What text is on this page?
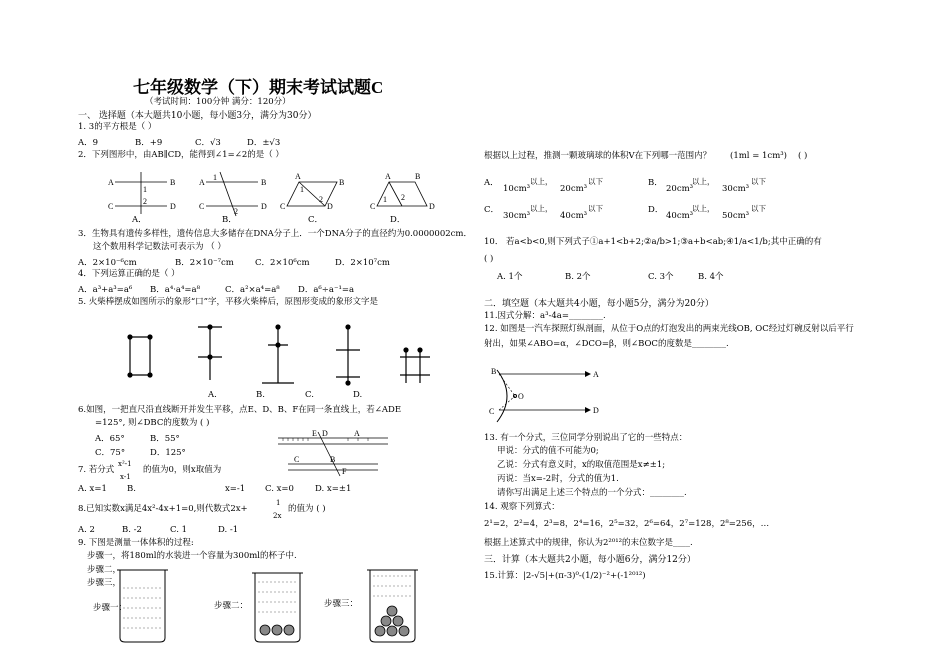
七年级数学（下）期末考试试题C
（考试时间：100分钟 满分：120分）
一、 选择题（本大题共10小题，每小题3分，满分为30分）
1. 3的平方根是（ ）
A．9	B．+9	C．√3	D．±√3
2．下列图形中，由AB∥CD，能得到∠1=∠2的是（ ）
A	B
C	D
1
2
A	B
C	D
1
2
A
B
C	D
1
2
A	B
C	D
1 2
A．	B．	C．	D．
3．生物具有遗传多样性，遗传信息大多储存在DNA分子上．一个DNA分子的直径约为0.0000002cm．
这个数用科学记数法可表示为 （ ）
A．2×10⁻⁶cm	B．2×10⁻⁷cm C．2×10⁶cm	D．2×10⁷cm
4．下列运算正确的是（ ）
A．a³+a³=a⁶ B．a⁴·a⁴=a⁸	C．a²×a⁴=a⁸ D．a⁶÷a⁻¹=a
5. 火柴棒摆成如图所示的象形“口”字，平移火柴棒后，原图形变成的象形文字是
A.	B.	C.	D.
6.如图，一把直尺沿直线断开并发生平移，点E、D、B、F在同一条直线上，若∠ADE
=125°, 则∠DBC的度数为 ( )
A．65°	B．55°
C．75°	D．125°
E D	A
C	B
F
7. 若分式
x²-1
x-1
的值为0，则x取值为
A. x=1 B.	x=-1 C. x=0 D. x=±1
8.已知实数x满足4x²-4x+1=0,则代数式2x+
1
2x
的值为 ( )
A. 2	B. -2	C. 1	D. -1
9. 下图是测量一体体积的过程:
步骤一，将180ml的水装进一个容量为300ml的杯子中.
步骤二，
步骤三，
步骤一：	步骤二：	步骤三：
根据以上过程，推测一颗玻璃球的体积V在下列哪一范围内？ (1ml = 1cm³) ( )
A．
10cm³
以上，
20cm³
以下	B．
20cm³
以上，
30cm³
以下
C．
30cm³
以上，
40cm³
以下	D．
40cm³
以上，
50cm³
以下
10． 若a<b<0,则下列式子①a+1<b+2;②a/b>1;③a+b<ab;④1/a<1/b;其中正确的有
( )
A. 1个	B. 2个	C. 3个	B. 4个
二．填空题（本大题共4小题，每小题5分，满分为20分）
11.因式分解：a³-4a=________.
12. 如图是一汽车探照灯纵剖面，从位于O点的灯泡发出的两束光线OB, OC经过灯碗反射以后平行
射出，如果∠ABO=α，∠DCO=β，则∠BOC的度数是________.
B
C
O
A
D
13. 有一个分式，三位同学分别说出了它的一些特点：
甲说：分式的值不可能为0;
乙说：分式有意义时，x的取值范围是x≠±1;
丙说：当x=-2时，分式的值为1.
请你写出满足上述三个特点的一个分式：________.
14. 观察下列算式：
2¹=2，2²=4，2³=8，2⁴=16，2⁵=32，2⁶=64，2⁷=128，2⁸=256，…
根据上述算式中的规律，你认为2²⁰¹²的末位数字是____.
三．计算（本大题共2小题，每小题6分，满分12分）
15.计算：|2-√5|+(π-3)⁰-(1/2)⁻²+(-1²⁰¹²)
